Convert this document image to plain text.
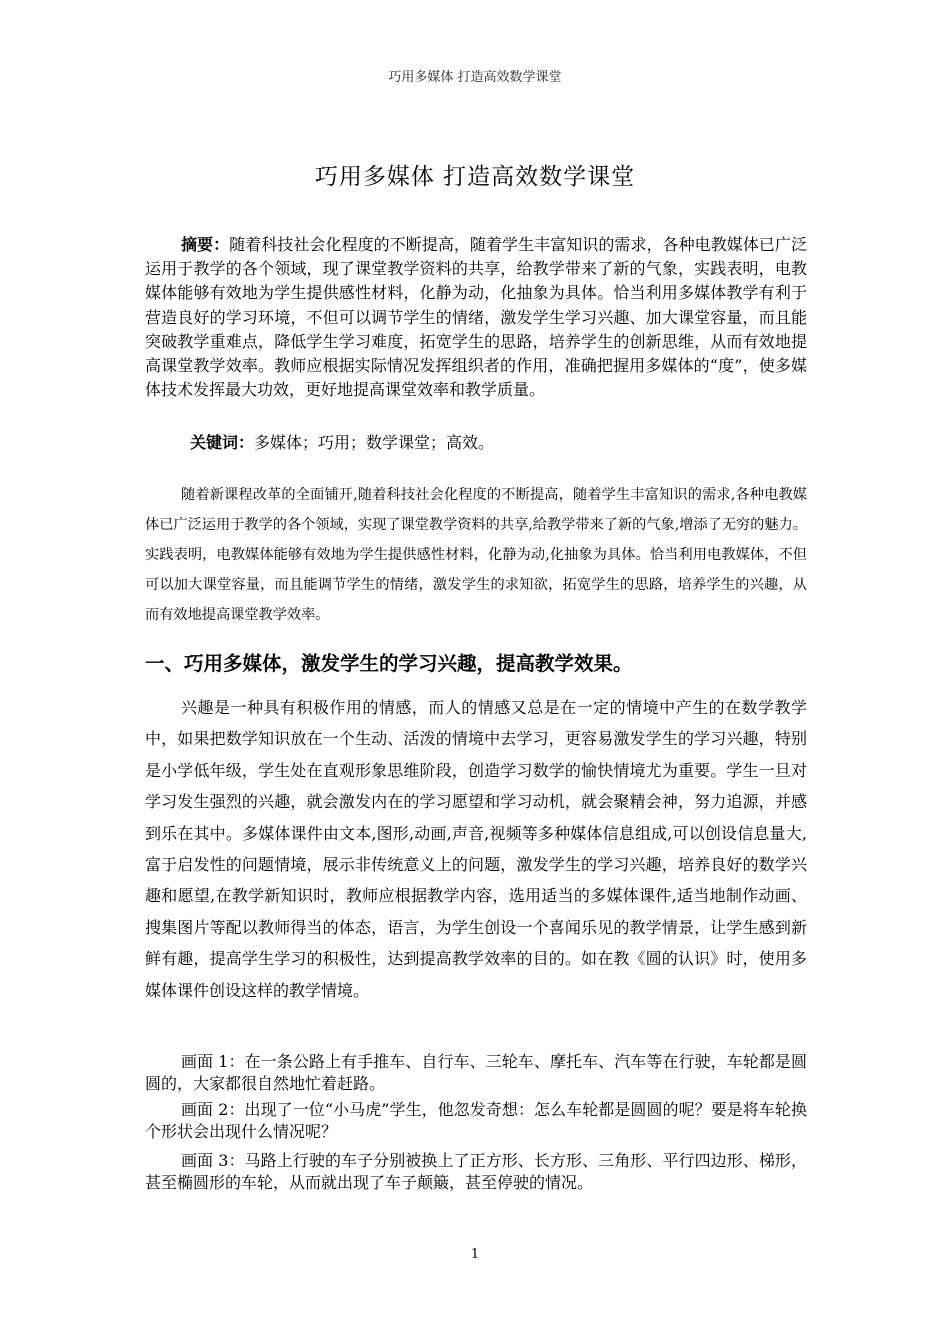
巧用多媒体 打造高效数学课堂
巧用多媒体 打造高效数学课堂
摘要：随着科技社会化程度的不断提高，随着学生丰富知识的需求，各种电教媒体已广泛运用于教学的各个领域，现了课堂教学资料的共享，给教学带来了新的气象，实践表明，电教媒体能够有效地为学生提供感性材料，化静为动，化抽象为具体。恰当利用多媒体教学有利于营造良好的学习环境，不但可以调节学生的情绪，激发学生学习兴趣、加大课堂容量，而且能突破教学重难点，降低学生学习难度，拓宽学生的思路，培养学生的创新思维，从而有效地提高课堂教学效率。教师应根据实际情况发挥组织者的作用，准确把握用多媒体的“度”，使多媒体技术发挥最大功效，更好地提高课堂效率和教学质量。
关键词：多媒体；巧用；数学课堂；高效。
随着新课程改革的全面铺开,随着科技社会化程度的不断提高，随着学生丰富知识的需求,各种电教媒体已广泛运用于教学的各个领域，实现了课堂教学资料的共享,给教学带来了新的气象,增添了无穷的魅力。实践表明，电教媒体能够有效地为学生提供感性材料，化静为动,化抽象为具体。恰当利用电教媒体，不但可以加大课堂容量，而且能调节学生的情绪，激发学生的求知欲，拓宽学生的思路，培养学生的兴趣，从而有效地提高课堂教学效率。
一、巧用多媒体，激发学生的学习兴趣，提高教学效果。
兴趣是一种具有积极作用的情感，而人的情感又总是在一定的情境中产生的在数学教学中，如果把数学知识放在一个生动、活泼的情境中去学习，更容易激发学生的学习兴趣，特别是小学低年级，学生处在直观形象思维阶段，创造学习数学的愉快情境尤为重要。学生一旦对学习发生强烈的兴趣，就会激发内在的学习愿望和学习动机，就会聚精会神，努力追源，并感到乐在其中。多媒体课件由文本,图形,动画,声音,视频等多种媒体信息组成,可以创设信息量大,富于启发性的问题情境，展示非传统意义上的问题，激发学生的学习兴趣，培养良好的数学兴趣和愿望,在教学新知识时，教师应根据教学内容，选用适当的多媒体课件,适当地制作动画、搜集图片等配以教师得当的体态，语言，为学生创设一个喜闻乐见的教学情景，让学生感到新鲜有趣，提高学生学习的积极性，达到提高教学效率的目的。如在教《圆的认识》时，使用多媒体课件创设这样的教学情境。
画面 1：在一条公路上有手推车、自行车、三轮车、摩托车、汽车等在行驶，车轮都是圆圆的，大家都很自然地忙着赶路。
画面 2：出现了一位“小马虎”学生，他忽发奇想：怎么车轮都是圆圆的呢？要是将车轮换个形状会出现什么情况呢？
画面 3：马路上行驶的车子分别被换上了正方形、长方形、三角形、平行四边形、梯形，甚至椭圆形的车轮，从而就出现了车子颠簸，甚至停驶的情况。
1
